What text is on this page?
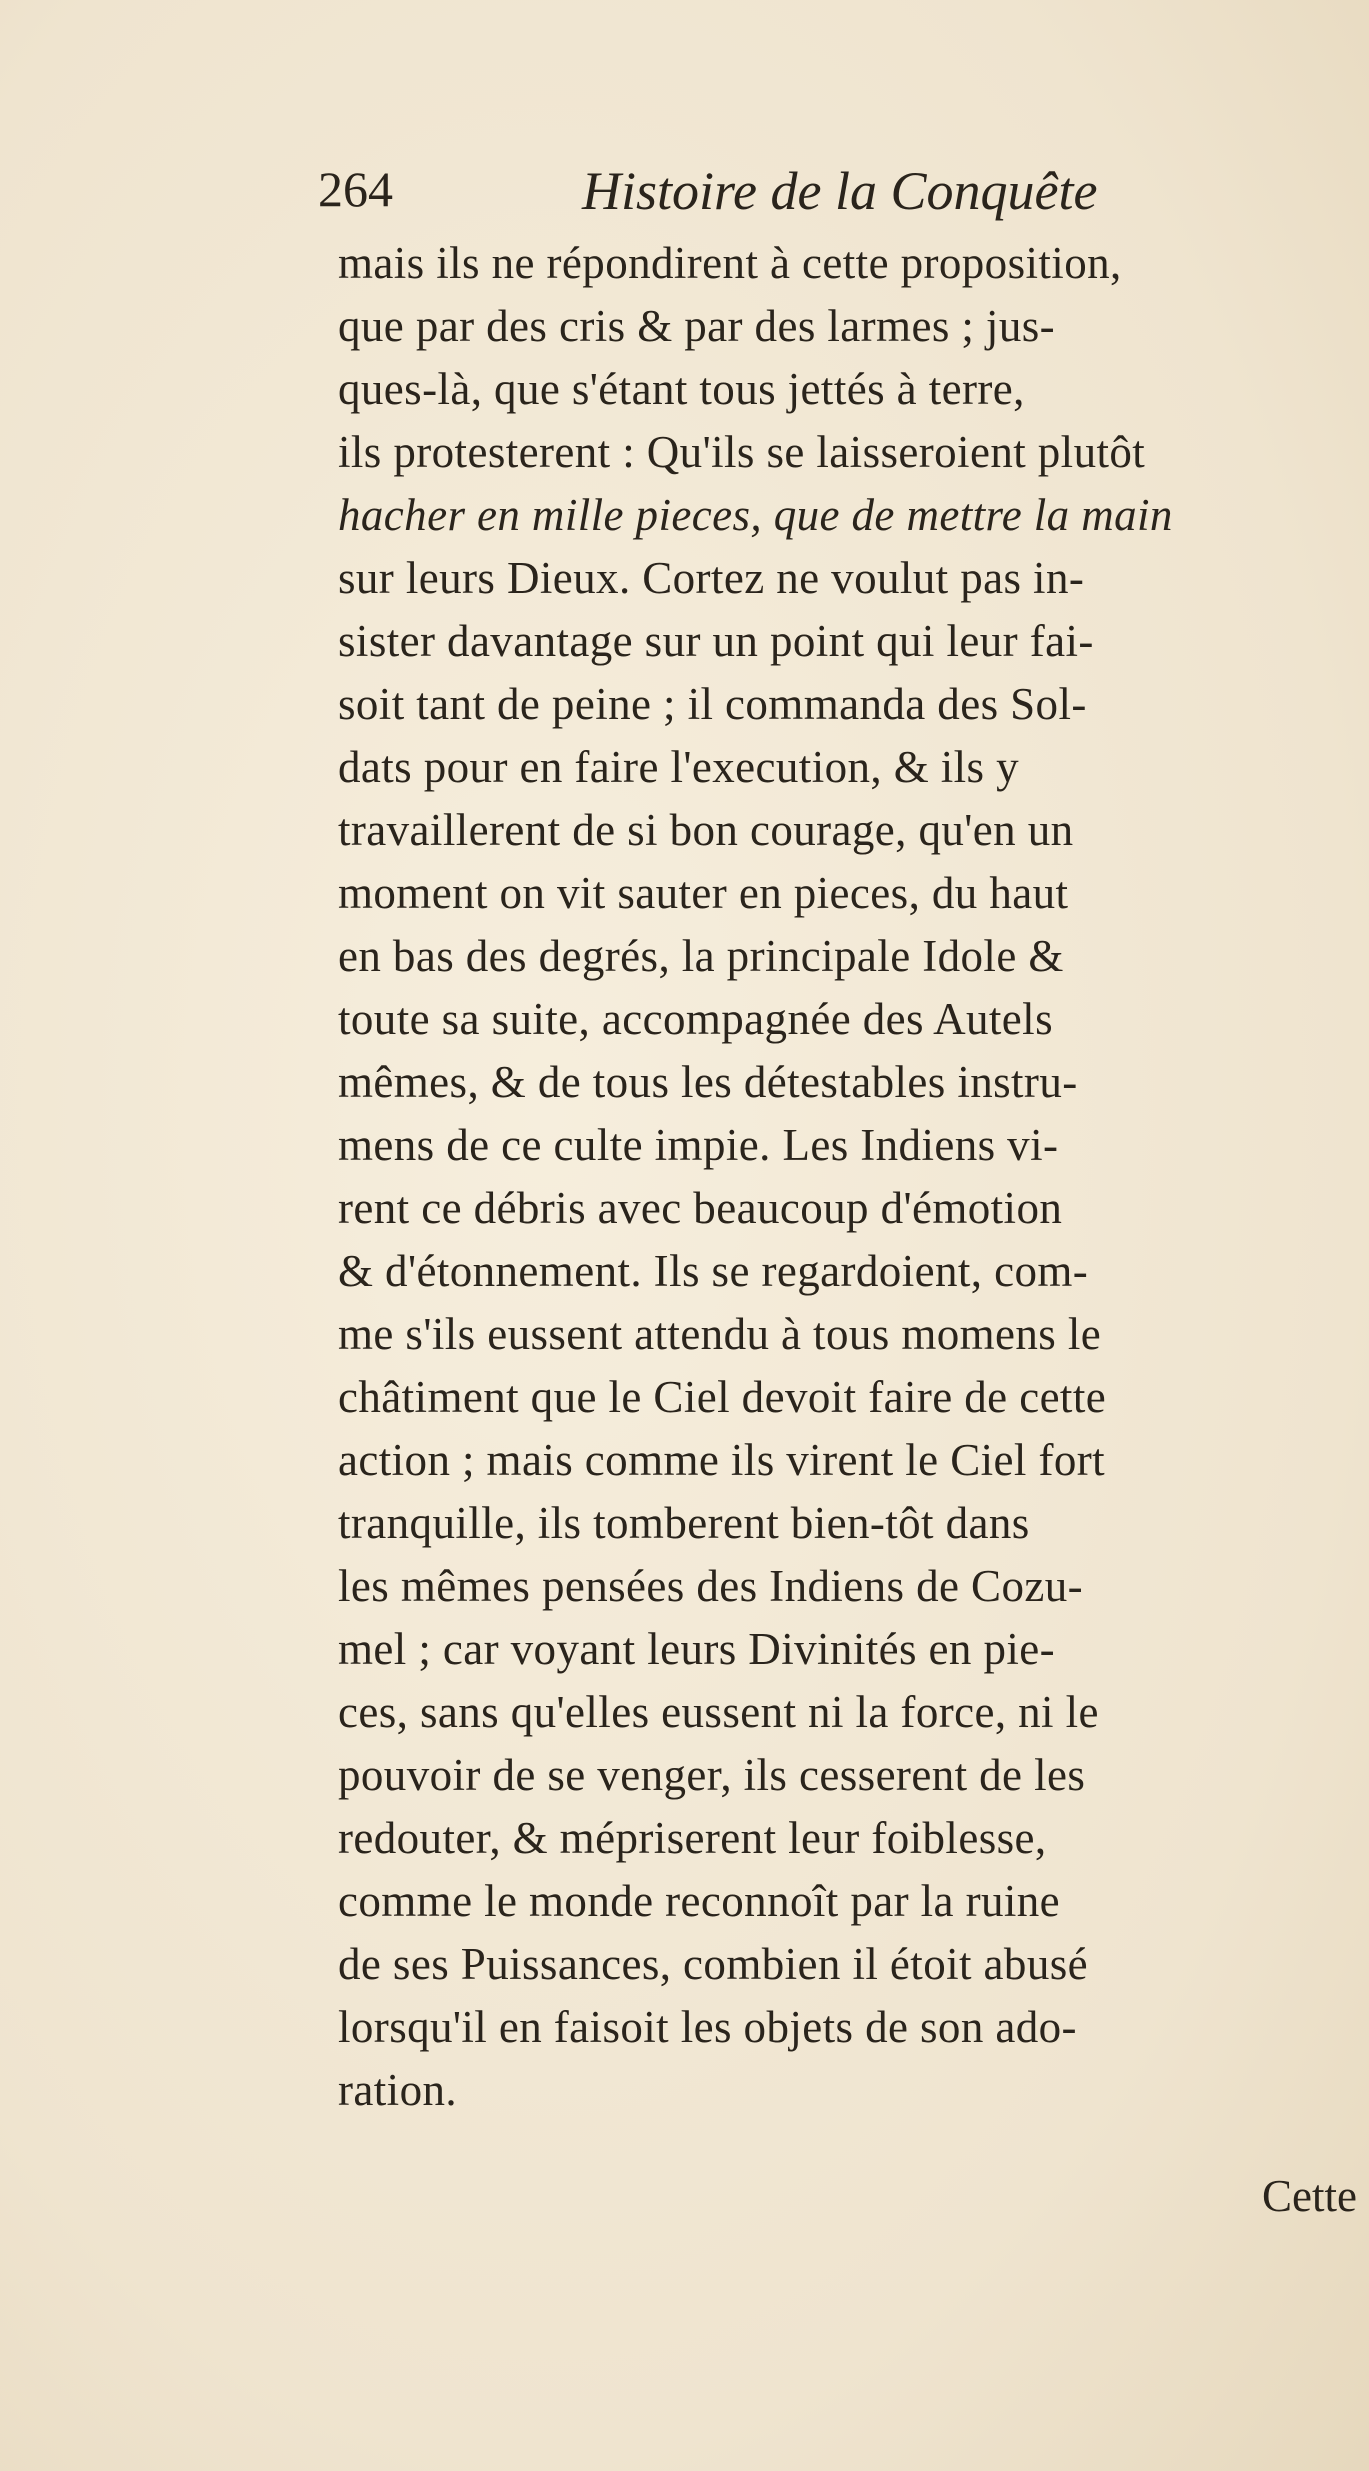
264	Histoire de la Conquête
mais ils ne répondirent à cette proposition,
que par des cris & par des larmes ; jus-
ques-là, que s'étant tous jettés à terre,
ils protesterent : Qu'ils se laisseroient plutôt
hacher en mille pieces, que de mettre la main
sur leurs Dieux. Cortez ne voulut pas in-
sister davantage sur un point qui leur fai-
soit tant de peine ; il commanda des Sol-
dats pour en faire l'execution, & ils y
travaillerent de si bon courage, qu'en un
moment on vit sauter en pieces, du haut
en bas des degrés, la principale Idole &
toute sa suite, accompagnée des Autels
mêmes, & de tous les détestables instru-
mens de ce culte impie. Les Indiens vi-
rent ce débris avec beaucoup d'émotion
& d'étonnement. Ils se regardoient, com-
me s'ils eussent attendu à tous momens le
châtiment que le Ciel devoit faire de cette
action ; mais comme ils virent le Ciel fort
tranquille, ils tomberent bien-tôt dans
les mêmes pensées des Indiens de Cozu-
mel ; car voyant leurs Divinités en pie-
ces, sans qu'elles eussent ni la force, ni le
pouvoir de se venger, ils cesserent de les
redouter, & mépriserent leur foiblesse,
comme le monde reconnoît par la ruine
de ses Puissances, combien il étoit abusé
lorsqu'il en faisoit les objets de son ado-
ration.
Cette
